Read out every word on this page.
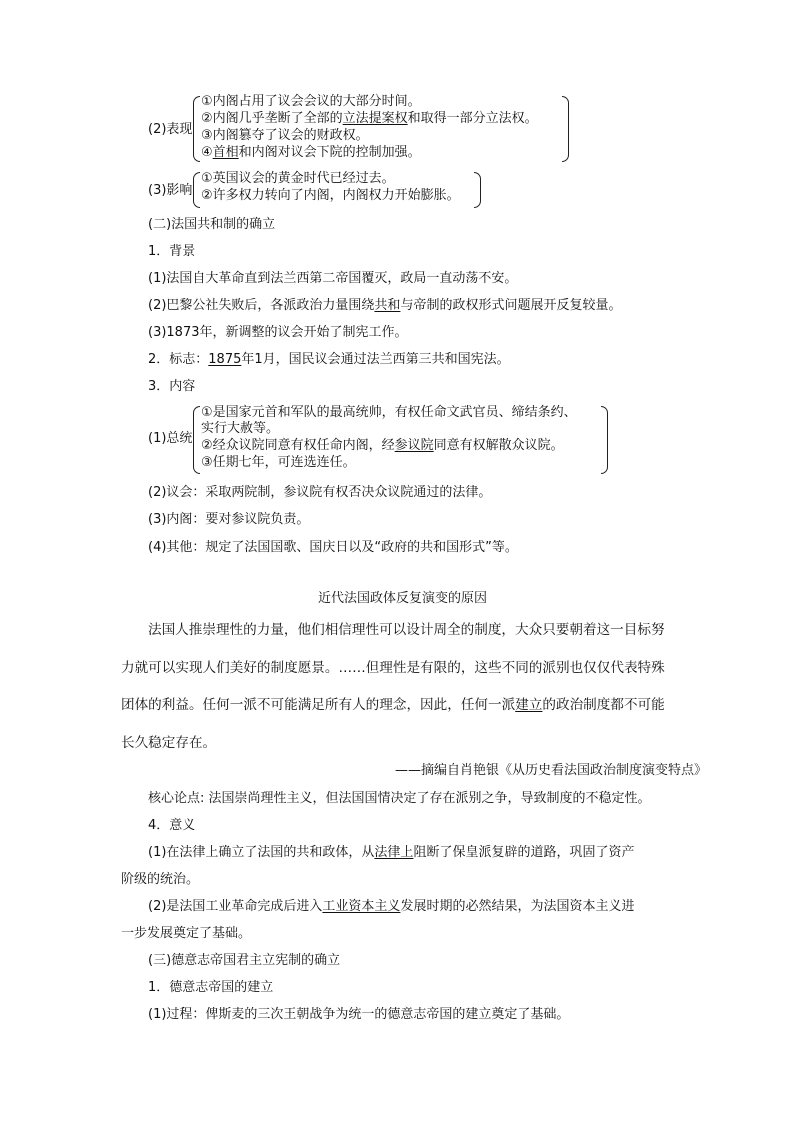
(2)表现
①内阁占用了议会会议的大部分时间。
②内阁几乎垄断了全部的立法提案权和取得一部分立法权。
③内阁篡夺了议会的财政权。
④首相和内阁对议会下院的控制加强。
(3)影响
①英国议会的黄金时代已经过去。
②许多权力转向了内阁，内阁权力开始膨胀。
(二)法国共和制的确立
1．背景
(1)法国自大革命直到法兰西第二帝国覆灭，政局一直动荡不安。
(2)巴黎公社失败后，各派政治力量围绕共和与帝制的政权形式问题展开反复较量。
(3)1873年，新调整的议会开始了制宪工作。
2．标志：1875年1月，国民议会通过法兰西第三共和国宪法。
3．内容
(1)总统
①是国家元首和军队的最高统帅，有权任命文武官员、缔结条约、
实行大赦等。
②经众议院同意有权任命内阁，经参议院同意有权解散众议院。
③任期七年，可连选连任。
(2)议会：采取两院制，参议院有权否决众议院通过的法律。
(3)内阁：要对参议院负责。
(4)其他：规定了法国国歌、国庆日以及“政府的共和国形式”等。
近代法国政体反复演变的原因
法国人推崇理性的力量，他们相信理性可以设计周全的制度，大众只要朝着这一目标努
力就可以实现人们美好的制度愿景。……但理性是有限的，这些不同的派别也仅仅代表特殊
团体的利益。任何一派不可能满足所有人的理念，因此，任何一派建立的政治制度都不可能
长久稳定存在。
——摘编自肖艳银《从历史看法国政治制度演变特点》
核心论点: 法国崇尚理性主义，但法国国情决定了存在派别之争，导致制度的不稳定性。
4．意义
(1)在法律上确立了法国的共和政体，从法律上阻断了保皇派复辟的道路，巩固了资产
阶级的统治。
(2)是法国工业革命完成后进入工业资本主义发展时期的必然结果，为法国资本主义进
一步发展奠定了基础。
(三)德意志帝国君主立宪制的确立
1．德意志帝国的建立
(1)过程：俾斯麦的三次王朝战争为统一的德意志帝国的建立奠定了基础。
